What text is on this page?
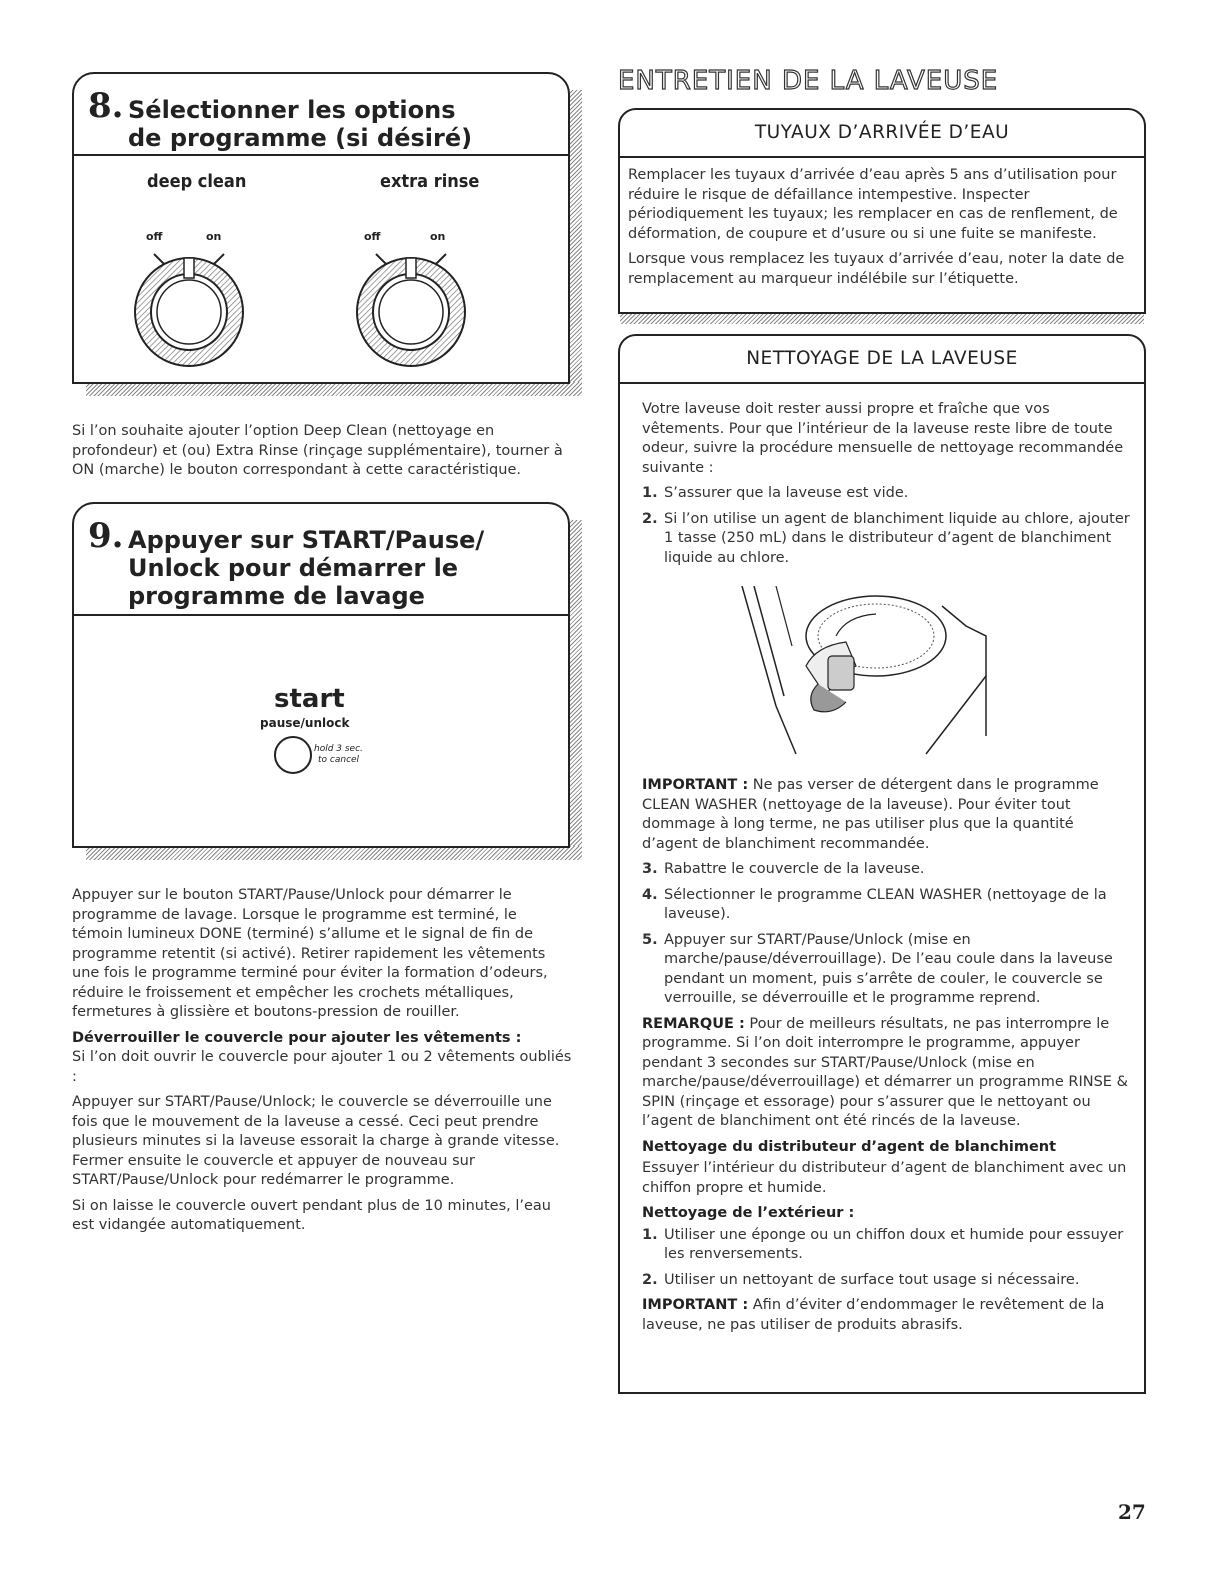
8. Sélectionner les options
de programme (si désiré)
deep clean	extra rinse
off	on	off	on

Si l’on souhaite ajouter l’option Deep Clean (nettoyage en profondeur) et (ou) Extra Rinse (rinçage supplémentaire), tourner à ON (marche) le bouton correspondant à cette caractéristique.

9. Appuyer sur START/Pause/
Unlock pour démarrer le
programme de lavage
start
pause/unlock
hold 3 sec.
to cancel

Appuyer sur le bouton START/Pause/Unlock pour démarrer le programme de lavage. Lorsque le programme est terminé, le témoin lumineux DONE (terminé) s’allume et le signal de fin de programme retentit (si activé). Retirer rapidement les vêtements une fois le programme terminé pour éviter la formation d’odeurs, réduire le froissement et empêcher les crochets métalliques, fermetures à glissière et boutons-pression de rouiller.

Déverrouiller le couvercle pour ajouter les vêtements :

Si l’on doit ouvrir le couvercle pour ajouter 1 ou 2 vêtements oubliés :

Appuyer sur START/Pause/Unlock; le couvercle se déverrouille une fois que le mouvement de la laveuse a cessé. Ceci peut prendre plusieurs minutes si la laveuse essorait la charge à grande vitesse. Fermer ensuite le couvercle et appuyer de nouveau sur START/Pause/Unlock pour redémarrer le programme.

Si on laisse le couvercle ouvert pendant plus de 10 minutes, l’eau est vidangée automatiquement.

ENTRETIEN DE LA LAVEUSE
TUYAUX D’ARRIVÉE D’EAU

Remplacer les tuyaux d’arrivée d’eau après 5 ans d’utilisation pour réduire le risque de défaillance intempestive. Inspecter périodiquement les tuyaux; les remplacer en cas de renflement, de déformation, de coupure et d’usure ou si une fuite se manifeste.

Lorsque vous remplacez les tuyaux d’arrivée d’eau, noter la date de remplacement au marqueur indélébile sur l’étiquette.

NETTOYAGE DE LA LAVEUSE

Votre laveuse doit rester aussi propre et fraîche que vos vêtements. Pour que l’intérieur de la laveuse reste libre de toute odeur, suivre la procédure mensuelle de nettoyage recommandée suivante :

1. S’assurer que la laveuse est vide.
2. Si l’on utilise un agent de blanchiment liquide au chlore, ajouter 1 tasse (250 mL) dans le distributeur d’agent de blanchiment liquide au chlore.

IMPORTANT : Ne pas verser de détergent dans le programme CLEAN WASHER (nettoyage de la laveuse). Pour éviter tout dommage à long terme, ne pas utiliser plus que la quantité d’agent de blanchiment recommandée.

3. Rabattre le couvercle de la laveuse.
4. Sélectionner le programme CLEAN WASHER (nettoyage de la laveuse).
5. Appuyer sur START/Pause/Unlock (mise en marche/pause/déverrouillage). De l’eau coule dans la laveuse pendant un moment, puis s’arrête de couler, le couvercle se verrouille, se déverrouille et le programme reprend.

REMARQUE : Pour de meilleurs résultats, ne pas interrompre le programme. Si l’on doit interrompre le programme, appuyer pendant 3 secondes sur START/Pause/Unlock (mise en marche/pause/déverrouillage) et démarrer un programme RINSE & SPIN (rinçage et essorage) pour s’assurer que le nettoyant ou l’agent de blanchiment ont été rincés de la laveuse.

Nettoyage du distributeur d’agent de blanchiment

Essuyer l’intérieur du distributeur d’agent de blanchiment avec un chiffon propre et humide.

Nettoyage de l’extérieur :

1. Utiliser une éponge ou un chiffon doux et humide pour essuyer les renversements.
2. Utiliser un nettoyant de surface tout usage si nécessaire.

IMPORTANT : Afin d’éviter d’endommager le revêtement de la laveuse, ne pas utiliser de produits abrasifs.

27
